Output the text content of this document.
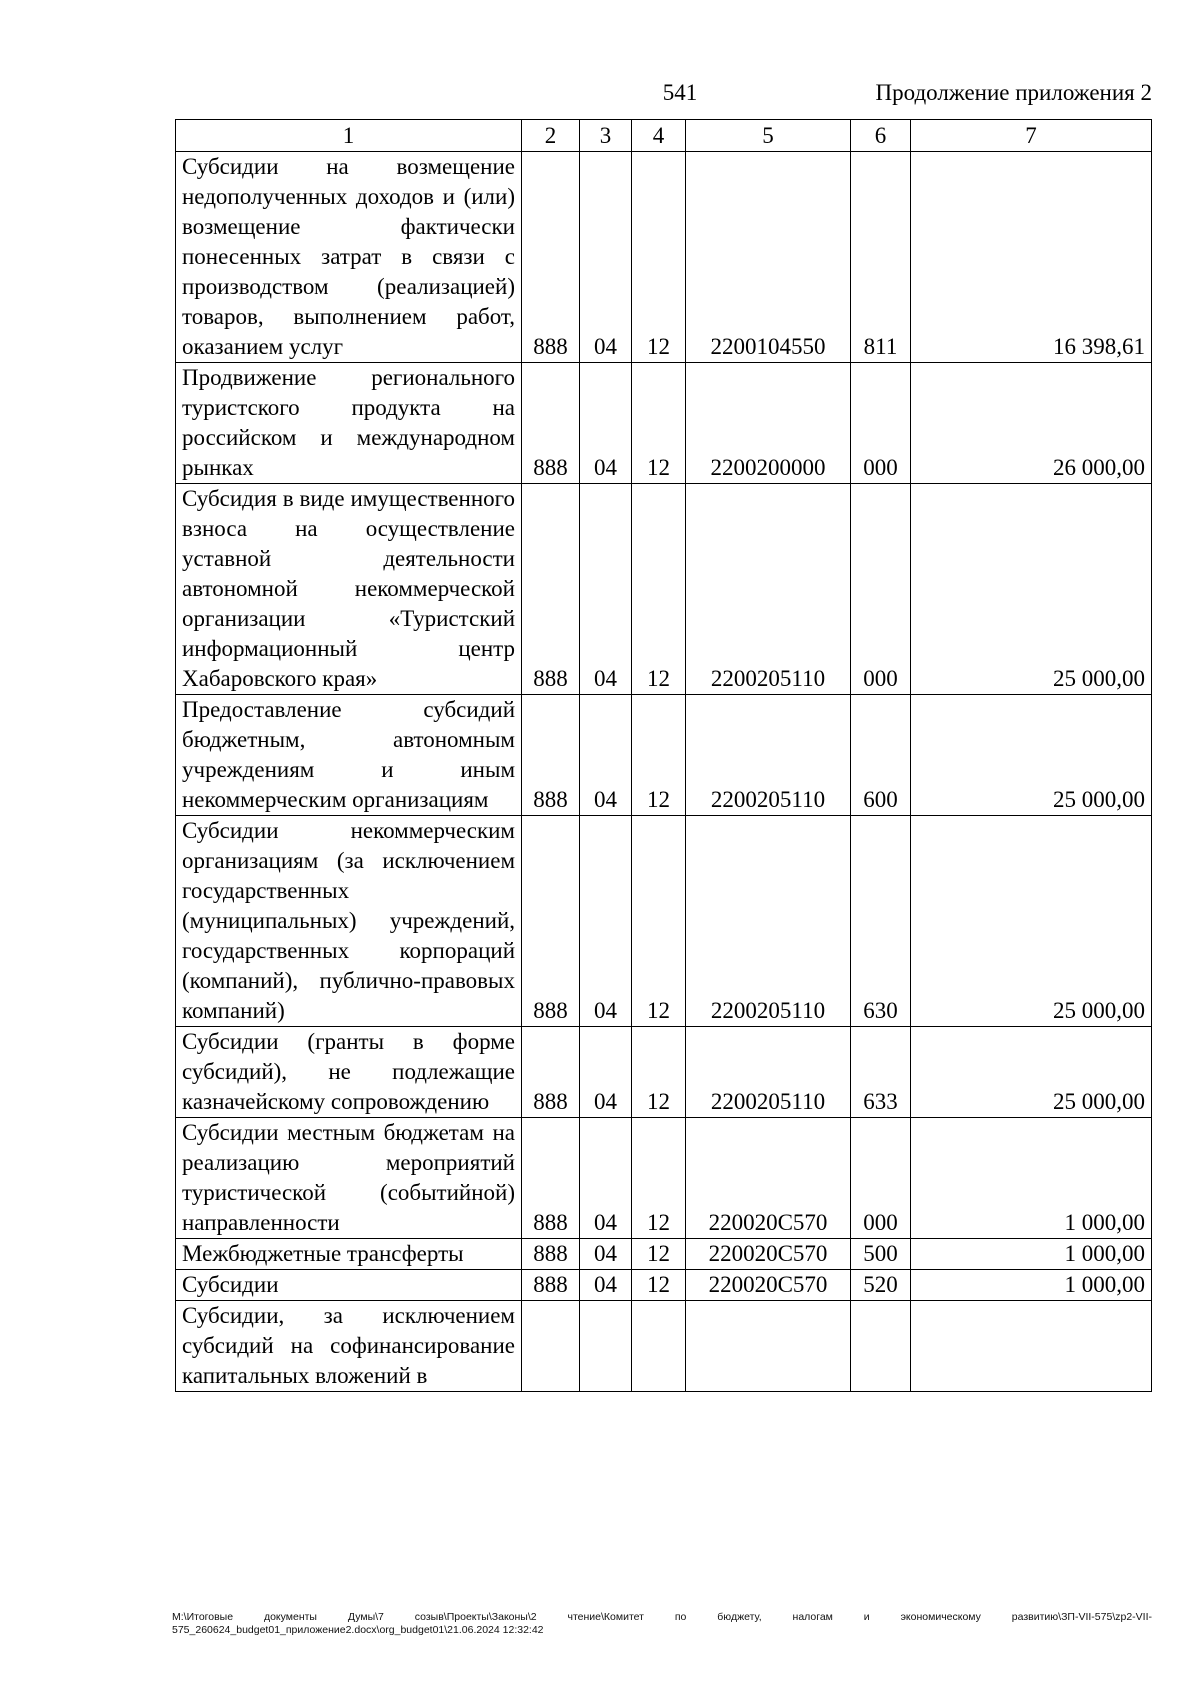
541	Продолжение приложения 2
1	2	3	4	5	6	7
Субсидии на возмещение недополученных доходов и (или) возмещение фактически понесенных затрат в связи с производством (реализацией) товаров, выполнением работ, оказанием услуг	888	04	12	2200104550	811	16 398,61
Продвижение регионального туристского продукта на российском и международном рынках	888	04	12	2200200000	000	26 000,00
Субсидия в виде имущественного взноса на осуществление уставной деятельности автономной некоммерческой организации «Туристский информационный центр Хабаровского края»	888	04	12	2200205110	000	25 000,00
Предоставление субсидий бюджетным, автономным учреждениям и иным некоммерческим организациям	888	04	12	2200205110	600	25 000,00
Субсидии некоммерческим организациям (за исключением государственных (муниципальных) учреждений, государственных корпораций (компаний), публично-правовых компаний)	888	04	12	2200205110	630	25 000,00
Субсидии (гранты в форме субсидий), не подлежащие казначейскому сопровождению	888	04	12	2200205110	633	25 000,00
Субсидии местным бюджетам на реализацию мероприятий туристической (событийной) направленности	888	04	12	220020С570	000	1 000,00
Межбюджетные трансферты	888	04	12	220020С570	500	1 000,00
Субсидии	888	04	12	220020С570	520	1 000,00
Субсидии, за исключением субсидий на софинансирование капитальных вложений в						
M:\Итоговые документы Думы\7 созыв\Проекты\Законы\2 чтение\Комитет по бюджету, налогам и экономическому развитию\ЗП-VII-575\zp2-VII-575_260624_budget01_приложение2.docx\org_budget01\21.06.2024 12:32:42
